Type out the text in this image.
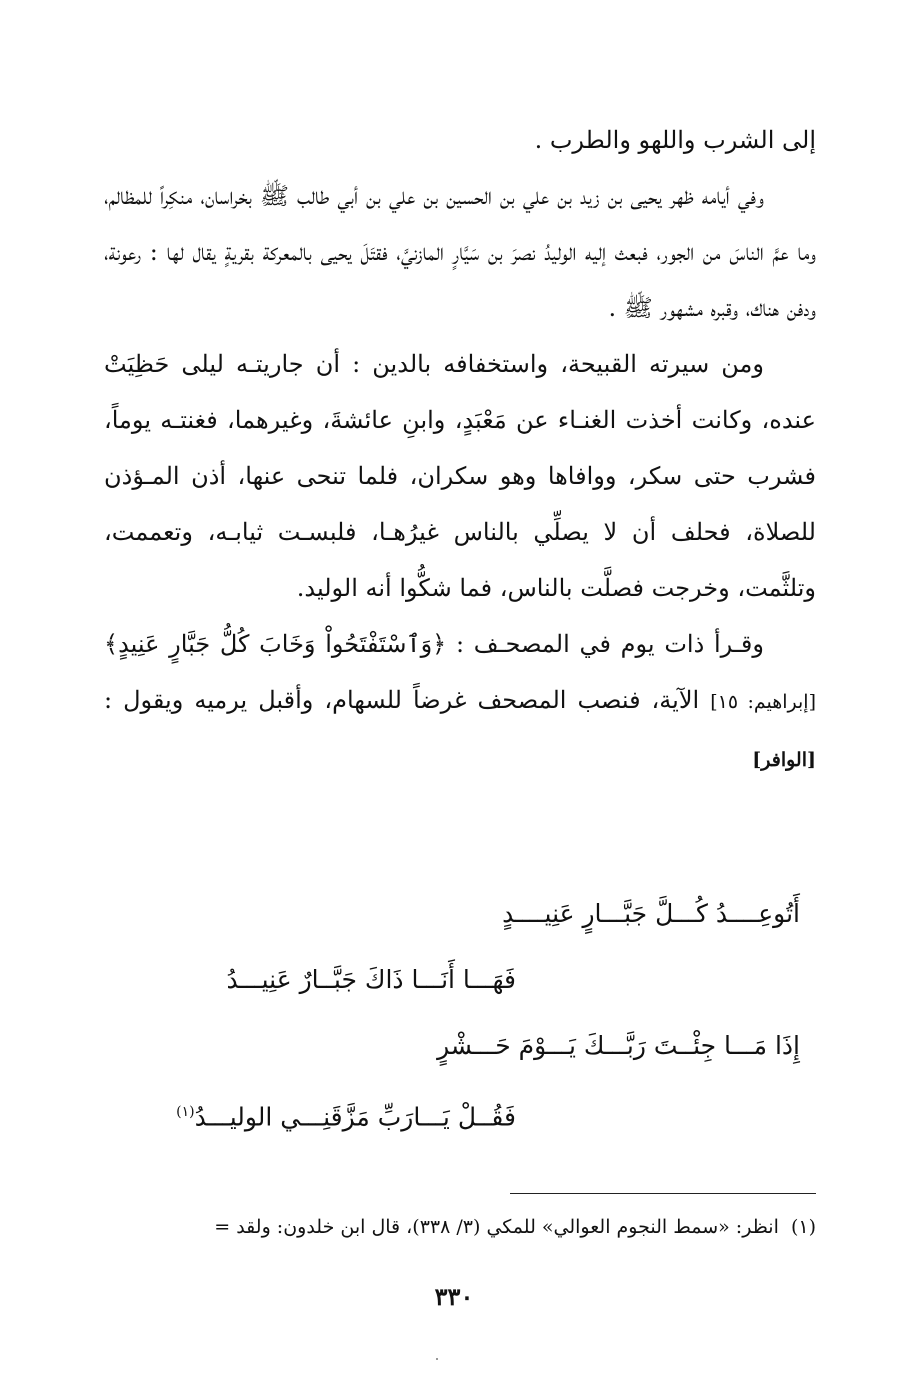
إلى الشرب واللهو والطرب .

وفي أيامه ظهر يحيى بن زيد بن علي بن الحسين بن علي بن أبي طالب ﷺ بخراسان، منكِراً للمظالم، وما عمَّ الناسَ من الجور، فبعث إليه الوليدُ نصرَ بن سَيَّارٍ المازنيَّ، فقتَلَ يحيى بالمعركة بقريةٍ يقال لها : رعونة، ودفن هناك، وقبره مشهور ﷺ .

ومن سيرته القبيحة، واستخفافه بالدين : أن جاريتـه ليلى حَظِيَتْ عنده، وكانت أخذت الغنـاء عن مَعْبَدٍ، وابنِ عائشةَ، وغيرهما، فغنتـه يوماً، فشرب حتى سكر، ووافاها وهو سكران، فلما تنحى عنها، أذن المـؤذن للصلاة، فحلف أن لا يصلِّي بالناس غيرُهـا، فلبسـت ثيابـه، وتعممت، وتلثَّمت، وخرجت فصلَّت بالناس، فما شكُّوا أنه الوليد.

وقـرأ ذات يوم في المصحـف : ﴿وَٱسْتَفْتَحُواْ وَخَابَ كُلُّ جَبَّارٍ عَنِيدٍ﴾[إبراهيم: ١٥] الآية، فنصب المصحف غرضاً للسهام، وأقبل يرميه ويقول : [الوافر]

أَتُوعِــــدُ كُـــلَّ جَبَّـــارٍ عَنِيــــدٍ
فَهَـــا أَنَـــا ذَاكَ جَبَّــارٌ عَنِيـــدُ
إِذَا مَـــا جِئْــتَ رَبَّـــكَ يَـــوْمَ حَـــشْرٍ
فَقُــلْ يَـــارَبِّ مَزَّقَنِـــي الوليـــدُ$^{(١)}$
(١)  انظر: «سمط النجوم العوالي» للمكي (٣/ ٣٣٨)، قال ابن خلدون: ولقد =
٣٣٠
